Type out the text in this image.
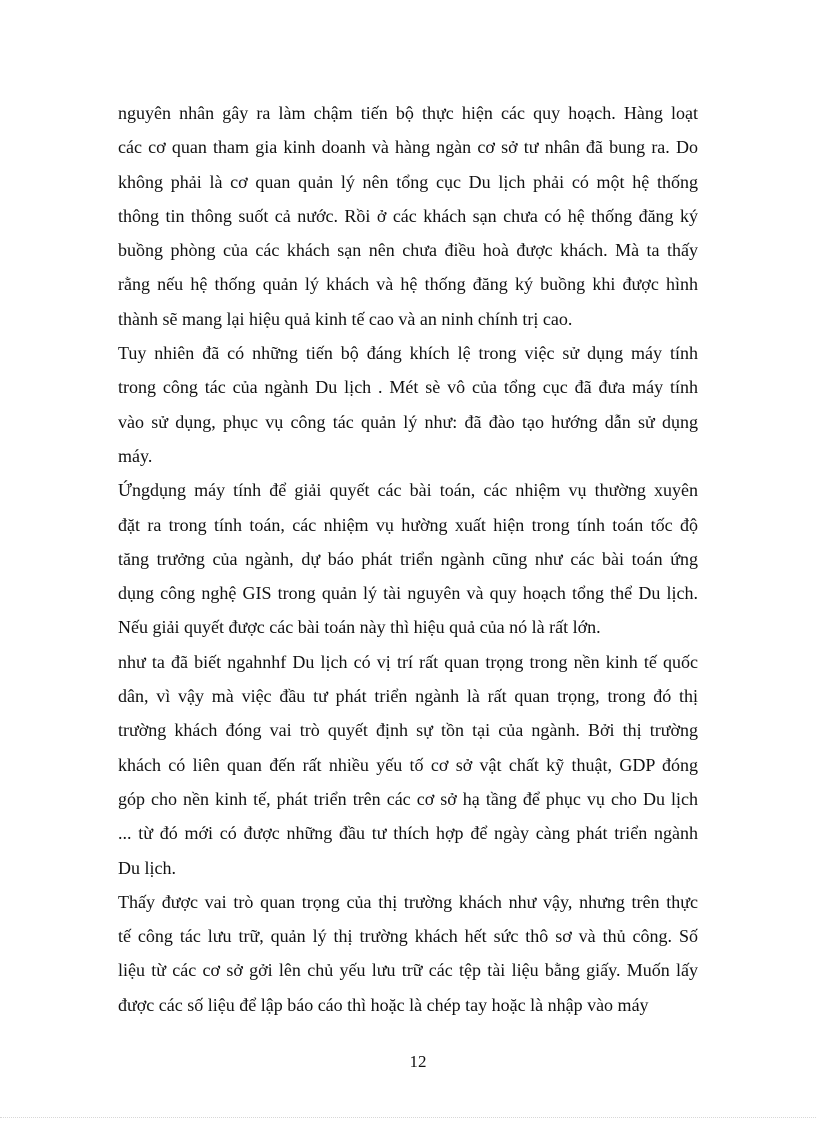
nguyên nhân gây ra làm chậm tiến bộ thực hiện các quy hoạch. Hàng loạt
các cơ quan tham gia kinh doanh và hàng ngàn cơ sở tư nhân đã bung ra. Do
không phải là cơ quan quản lý nên tổng cục Du lịch phải có một hệ thống
thông tin thông suốt cả nước. Rồi ở các khách sạn chưa có hệ thống đăng ký
buồng phòng của các khách sạn nên chưa điều hoà được khách. Mà ta thấy
rằng nếu hệ thống quản lý khách và hệ thống đăng ký buồng khi được hình
thành sẽ mang lại hiệu quả kinh tế cao và an ninh chính trị cao.
Tuy nhiên đã có những tiến bộ đáng khích lệ trong việc sử dụng máy tính
trong công tác của ngành Du lịch . Mét sè vô của tổng cục đã đưa máy tính
vào sử dụng, phục vụ công tác quản lý như: đã đào tạo hướng dẫn sử dụng
máy.
Ứngdụng máy tính để giải quyết các bài toán, các nhiệm vụ thường xuyên
đặt ra trong tính toán, các nhiệm vụ hường xuất hiện trong tính toán tốc độ
tăng trưởng của ngành, dự báo phát triển ngành cũng như các bài toán ứng
dụng công nghệ GIS trong quản lý tài nguyên và quy hoạch tổng thể Du lịch.
Nếu giải quyết được các bài toán này thì hiệu quả của nó là rất lớn.
như ta đã biết ngahnhf Du lịch có vị trí rất quan trọng trong nền kinh tế quốc
dân, vì vậy mà việc đầu tư phát triển ngành là rất quan trọng, trong đó thị
trường khách đóng vai trò quyết định sự tồn tại của ngành. Bởi thị trường
khách có liên quan đến rất nhiều yếu tố cơ sở vật chất kỹ thuật, GDP đóng
góp cho nền kinh tế, phát triển trên các cơ sở hạ tầng để phục vụ cho Du lịch
... từ đó mới có được những đầu tư thích hợp để ngày càng phát triển ngành
Du lịch.
Thấy được vai trò quan trọng của thị trường khách như vậy, nhưng trên thực
tế công tác lưu trữ, quản lý thị trường khách hết sức thô sơ và thủ công. Số
liệu từ các cơ sở gởi lên chủ yếu lưu trữ các tệp tài liệu bằng giấy. Muốn lấy
được các số liệu để lập báo cáo thì hoặc là chép tay hoặc là nhập vào máy
12
